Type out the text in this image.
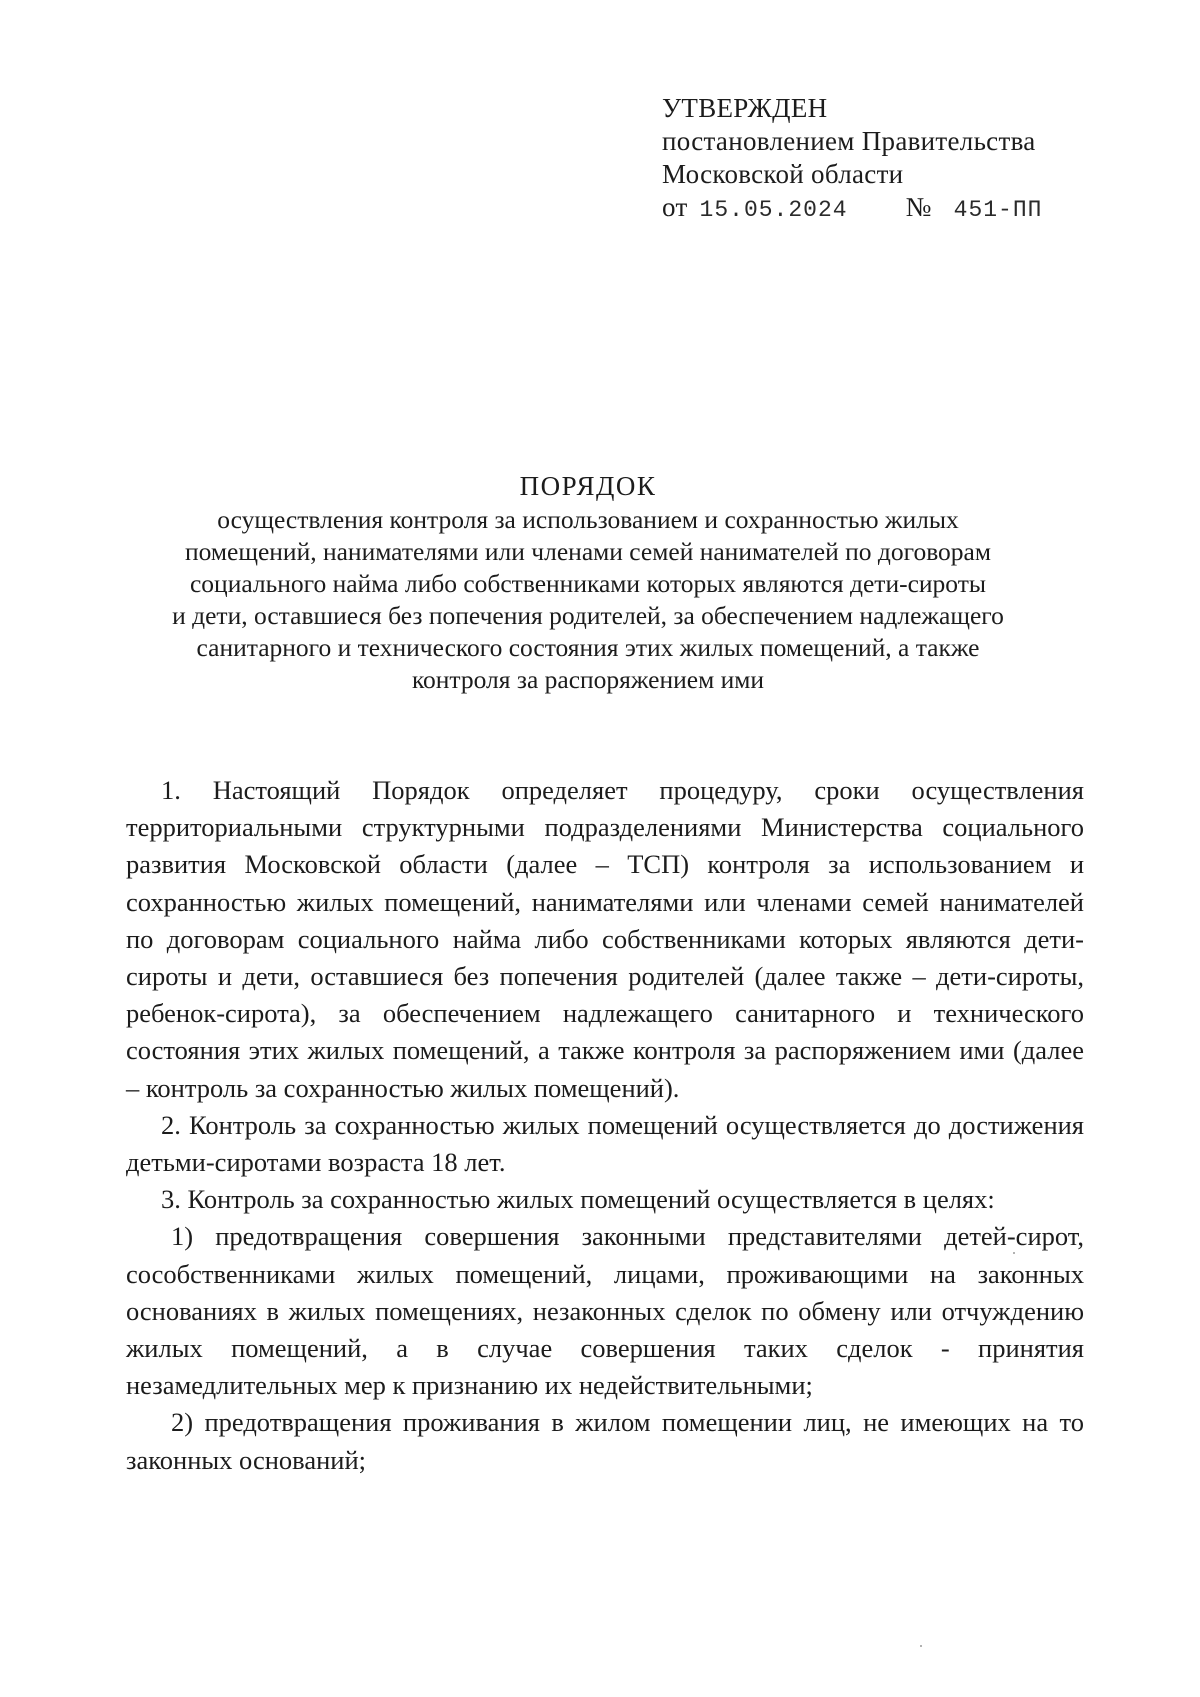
УТВЕРЖДЕН
постановлением Правительства
Московской области
от 15.05.2024 № 451-ПП
ПОРЯДОК
осуществления контроля за использованием и сохранностью жилых
помещений, нанимателями или членами семей нанимателей по договорам
социального найма либо собственниками которых являются дети-сироты
и дети, оставшиеся без попечения родителей, за обеспечением надлежащего
санитарного и технического состояния этих жилых помещений, а также
контроля за распоряжением ими

1. Настоящий Порядок определяет процедуру, сроки осуществления территориальными структурными подразделениями Министерства социального развития Московской области (далее – ТСП) контроля за использованием и сохранностью жилых помещений, нанимателями или членами семей нанимателей по договорам социального найма либо собственниками которых являются дети-сироты и дети, оставшиеся без попечения родителей (далее также – дети-сироты, ребенок-сирота), за обеспечением надлежащего санитарного и технического состояния этих жилых помещений, а также контроля за распоряжением ими (далее – контроль за сохранностью жилых помещений).

2. Контроль за сохранностью жилых помещений осуществляется до достижения детьми-сиротами возраста 18 лет.

3. Контроль за сохранностью жилых помещений осуществляется в целях:

1) предотвращения совершения законными представителями детей-сирот, сособственниками жилых помещений, лицами, проживающими на законных основаниях в жилых помещениях, незаконных сделок по обмену или отчуждению жилых помещений, а в случае совершения таких сделок - принятия незамедлительных мер к признанию их недействительными;

2) предотвращения проживания в жилом помещении лиц, не имеющих на то законных оснований;
